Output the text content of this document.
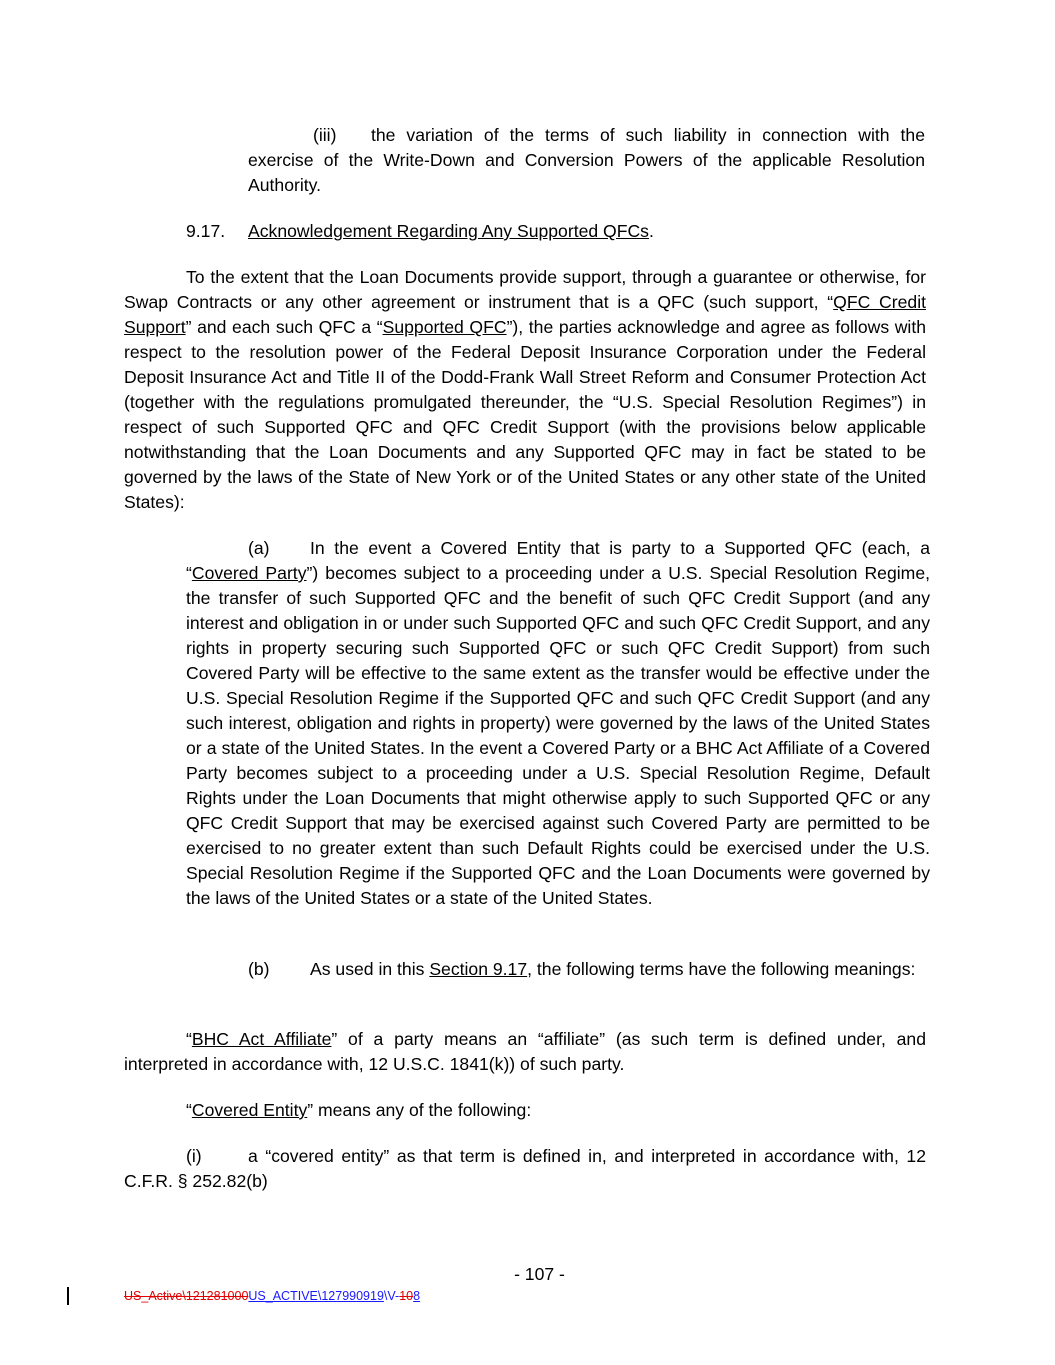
(iii)	the variation of the terms of such liability in connection with the exercise of the Write-Down and Conversion Powers of the applicable Resolution Authority.

9.17. Acknowledgement Regarding Any Supported QFCs.

To the extent that the Loan Documents provide support, through a guarantee or otherwise, for Swap Contracts or any other agreement or instrument that is a QFC (such support, “QFC Credit Support” and each such QFC a “Supported QFC”), the parties acknowledge and agree as follows with respect to the resolution power of the Federal Deposit Insurance Corporation under the Federal Deposit Insurance Act and Title II of the Dodd-Frank Wall Street Reform and Consumer Protection Act (together with the regulations promulgated thereunder, the “U.S. Special Resolution Regimes”) in respect of such Supported QFC and QFC Credit Support (with the provisions below applicable notwithstanding that the Loan Documents and any Supported QFC may in fact be stated to be governed by the laws of the State of New York or of the United States or any other state of the United States):

(a) In the event a Covered Entity that is party to a Supported QFC (each, a “Covered Party”) becomes subject to a proceeding under a U.S. Special Resolution Regime, the transfer of such Supported QFC and the benefit of such QFC Credit Support (and any interest and obligation in or under such Supported QFC and such QFC Credit Support, and any rights in property securing such Supported QFC or such QFC Credit Support) from such Covered Party will be effective to the same extent as the transfer would be effective under the U.S. Special Resolution Regime if the Supported QFC and such QFC Credit Support (and any such interest, obligation and rights in property) were governed by the laws of the United States or a state of the United States. In the event a Covered Party or a BHC Act Affiliate of a Covered Party becomes subject to a proceeding under a U.S. Special Resolution Regime, Default Rights under the Loan Documents that might otherwise apply to such Supported QFC or any QFC Credit Support that may be exercised against such Covered Party are permitted to be exercised to no greater extent than such Default Rights could be exercised under the U.S. Special Resolution Regime if the Supported QFC and the Loan Documents were governed by the laws of the United States or a state of the United States.

(b) As used in this Section 9.17, the following terms have the following meanings:

“BHC Act Affiliate” of a party means an “affiliate” (as such term is defined under, and interpreted in accordance with, 12 U.S.C. 1841(k)) of such party.

“Covered Entity” means any of the following:

(i)	a “covered entity” as that term is defined in, and interpreted in accordance with, 12 C.F.R. § 252.82(b)

- 107 -
US_Active\121281000US_ACTIVE\127990919\V-108
